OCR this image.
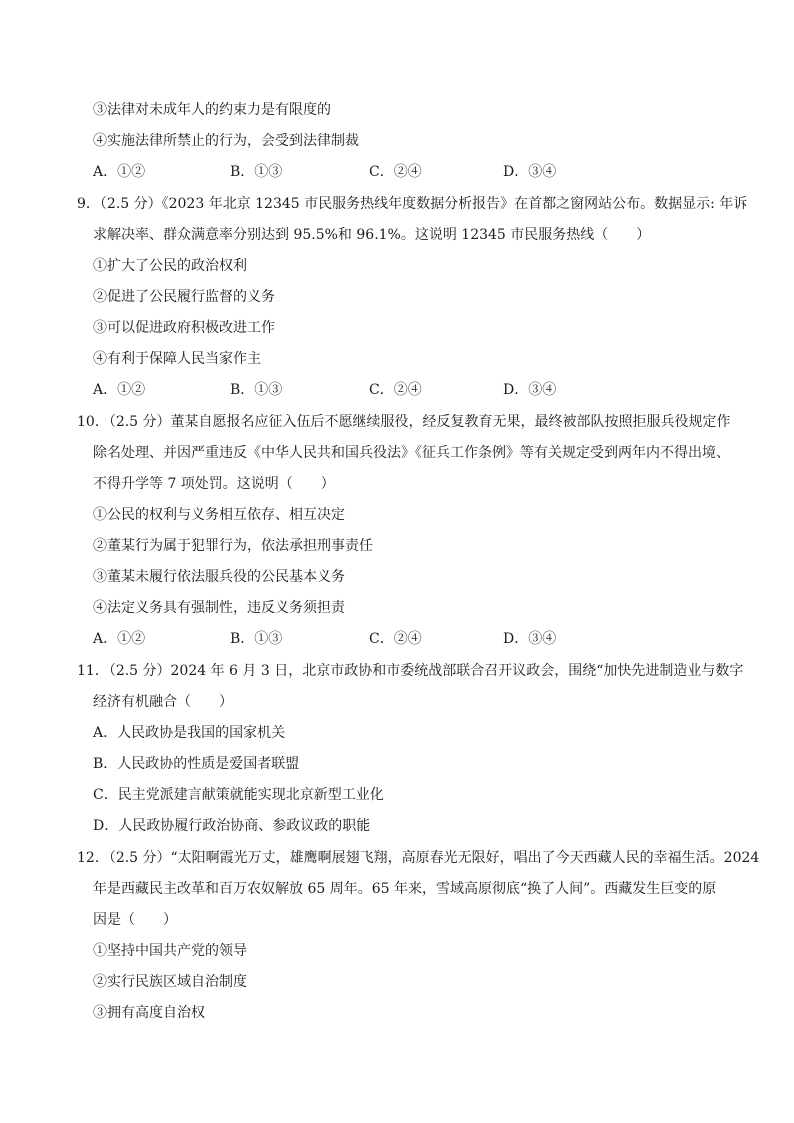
③法律对未成年人的约束力是有限度的
④实施法律所禁止的行为，会受到法律制裁
A．①②	B．①③	C．②④	D．③④
9．（2.5 分）《2023 年北京 12345 市民服务热线年度数据分析报告》在首都之窗网站公布。数据显示: 年诉
求解决率、群众满意率分别达到 95.5%和 96.1%。这说明 12345 市民服务热线（　　）
①扩大了公民的政治权利
②促进了公民履行监督的义务
③可以促进政府积极改进工作
④有利于保障人民当家作主
A．①②	B．①③	C．②④	D．③④
10．（2.5 分）董某自愿报名应征入伍后不愿继续服役，经反复教育无果，最终被部队按照拒服兵役规定作
除名处理、并因严重违反《中华人民共和国兵役法》《征兵工作条例》等有关规定受到两年内不得出境、
不得升学等 7 项处罚。这说明（　　）
①公民的权利与义务相互依存、相互决定
②董某行为属于犯罪行为，依法承担刑事责任
③董某未履行依法服兵役的公民基本义务
④法定义务具有强制性，违反义务须担责
A．①②	B．①③	C．②④	D．③④
11．（2.5 分）2024 年 6 月 3 日，北京市政协和市委统战部联合召开议政会，围绕“加快先进制造业与数字
经济有机融合（　　）
A．人民政协是我国的国家机关
B．人民政协的性质是爱国者联盟
C．民主党派建言献策就能实现北京新型工业化
D．人民政协履行政治协商、参政议政的职能
12．（2.5 分）“太阳啊霞光万丈，雄鹰啊展翅飞翔，高原春光无限好，唱出了今天西藏人民的幸福生活。2024
年是西藏民主改革和百万农奴解放 65 周年。65 年来，雪域高原彻底“换了人间”。西藏发生巨变的原
因是（　　）
①坚持中国共产党的领导
②实行民族区域自治制度
③拥有高度自治权
